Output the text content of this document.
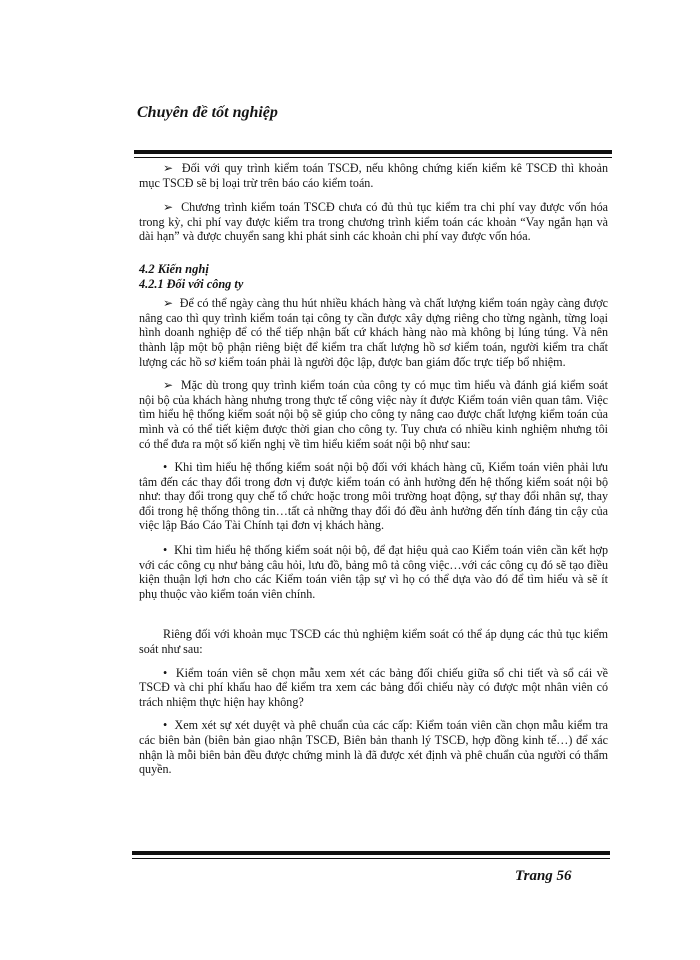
Chuyên đề tốt nghiệp

➢ Đối với quy trình kiểm toán TSCĐ, nếu không chứng kiến kiểm kê TSCĐ thì khoản mục TSCĐ sẽ bị loại trừ trên báo cáo kiểm toán.

➢ Chương trình kiểm toán TSCĐ chưa có đủ thủ tục kiểm tra chi phí vay được vốn hóa trong kỳ, chi phí vay được kiểm tra trong chương trình kiểm toán các khoản “Vay ngắn hạn và dài hạn” và được chuyển sang khi phát sinh các khoản chi phí vay được vốn hóa.

4.2 Kiến nghị

4.2.1 Đối với công ty

➢ Để có thể ngày càng thu hút nhiều khách hàng và chất lượng kiểm toán ngày càng được nâng cao thì quy trình kiểm toán tại công ty cần được xây dựng riêng cho từng ngành, từng loại hình doanh nghiệp để có thể tiếp nhận bất cứ khách hàng nào mà không bị lúng túng. Và nên thành lập một bộ phận riêng biệt để kiểm tra chất lượng hồ sơ kiểm toán, người kiểm tra chất lượng các hồ sơ kiểm toán phải là người độc lập, được ban giám đốc trực tiếp bổ nhiệm.

➢ Mặc dù trong quy trình kiểm toán của công ty có mục tìm hiểu và đánh giá kiểm soát nội bộ của khách hàng nhưng trong thực tế công việc này ít được Kiểm toán viên quan tâm. Việc tìm hiểu hệ thống kiểm soát nội bộ sẽ giúp cho công ty nâng cao được chất lượng kiểm toán của mình và có thể tiết kiệm được thời gian cho công ty. Tuy chưa có nhiều kinh nghiệm nhưng tôi có thể đưa ra một số kiến nghị về tìm hiểu kiểm soát nội bộ như sau:

• Khi tìm hiểu hệ thống kiểm soát nội bộ đối với khách hàng cũ, Kiểm toán viên phải lưu tâm đến các thay đổi trong đơn vị được kiểm toán có ảnh hưởng đến hệ thống kiểm soát nội bộ như: thay đổi trong quy chế tổ chức hoặc trong môi trường hoạt động, sự thay đổi nhân sự, thay đổi trong hệ thống thông tin…tất cả những thay đổi đó đều ảnh hưởng đến tính đáng tin cậy của việc lập Báo Cáo Tài Chính tại đơn vị khách hàng.

• Khi tìm hiểu hệ thống kiểm soát nội bộ, để đạt hiệu quả cao Kiểm toán viên cần kết hợp với các công cụ như bảng câu hỏi, lưu đồ, bảng mô tả công việc…với các công cụ đó sẽ tạo điều kiện thuận lợi hơn cho các Kiểm toán viên tập sự vì họ có thể dựa vào đó để tìm hiểu và sẽ ít phụ thuộc vào kiểm toán viên chính.

Riêng đối với khoản mục TSCĐ các thủ nghiệm kiểm soát có thể áp dụng các thủ tục kiểm soát như sau:

• Kiểm toán viên sẽ chọn mẫu xem xét các bảng đối chiếu giữa sổ chi tiết và sổ cái về TSCĐ và chi phí khấu hao để kiểm tra xem các bảng đối chiếu này có được một nhân viên có trách nhiệm thực hiện hay không?

• Xem xét sự xét duyệt và phê chuẩn của các cấp: Kiểm toán viên cần chọn mẫu kiểm tra các biên bản (biên bản giao nhận TSCĐ, Biên bản thanh lý TSCĐ, hợp đồng kinh tế…) để xác nhận là mỗi biên bản đều được chứng minh là đã được xét định và phê chuẩn của người có thẩm quyền.

Trang 56
